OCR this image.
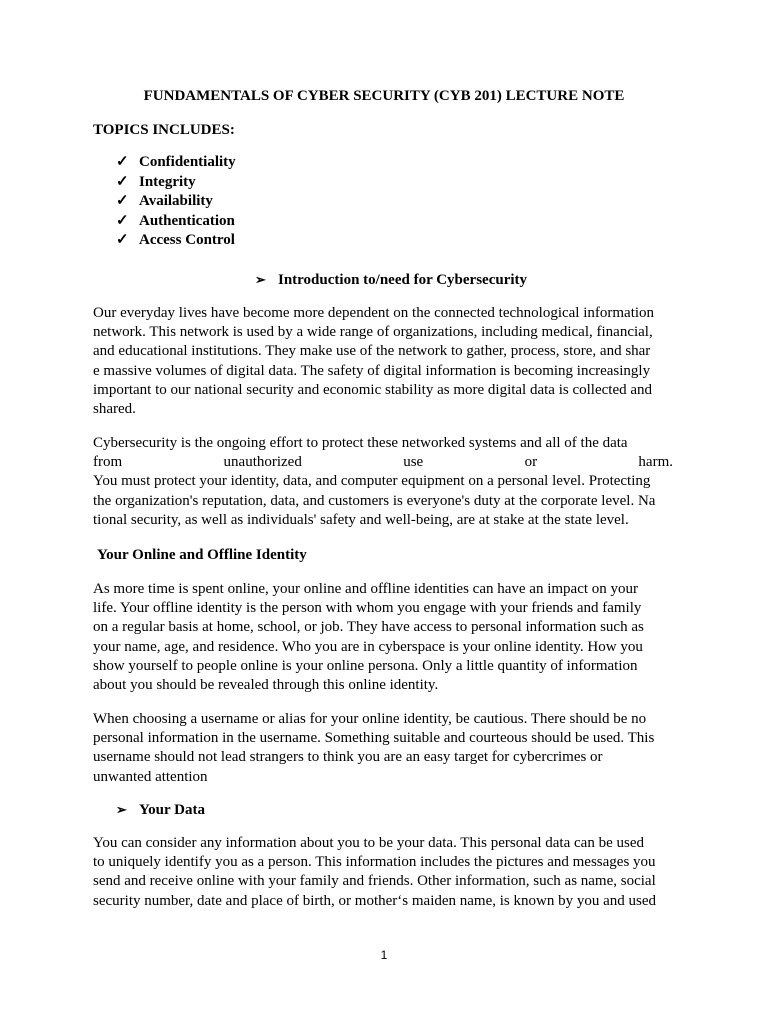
FUNDAMENTALS OF CYBER SECURITY (CYB 201) LECTURE NOTE
TOPICS INCLUDES:
✓ Confidentiality
✓ Integrity
✓ Availability
✓ Authentication
✓ Access Control
➢ Introduction to/need for Cybersecurity
Our everyday lives have become more dependent on the connected technological information
network. This network is used by a wide range of organizations, including medical, financial,
and educational institutions. They make use of the network to gather, process, store, and shar
e massive volumes of digital data. The safety of digital information is becoming increasingly
important to our national security and economic stability as more digital data is collected and
shared.
Cybersecurity is the ongoing effort to protect these networked systems and all of the data
from	unauthorized	use	or	harm.
You must protect your identity, data, and computer equipment on a personal level. Protecting
the organization's reputation, data, and customers is everyone's duty at the corporate level. Na
tional security, as well as individuals' safety and well-being, are at stake at the state level.
Your Online and Offline Identity
As more time is spent online, your online and offline identities can have an impact on your
life. Your offline identity is the person with whom you engage with your friends and family
on a regular basis at home, school, or job. They have access to personal information such as
your name, age, and residence. Who you are in cyberspace is your online identity. How you
show yourself to people online is your online persona. Only a little quantity of information
about you should be revealed through this online identity.
When choosing a username or alias for your online identity, be cautious. There should be no
personal information in the username. Something suitable and courteous should be used. This
username should not lead strangers to think you are an easy target for cybercrimes or
unwanted attention
➢ Your Data
You can consider any information about you to be your data. This personal data can be used
to uniquely identify you as a person. This information includes the pictures and messages you
send and receive online with your family and friends. Other information, such as name, social
security number, date and place of birth, or mother‘s maiden name, is known by you and used
1
